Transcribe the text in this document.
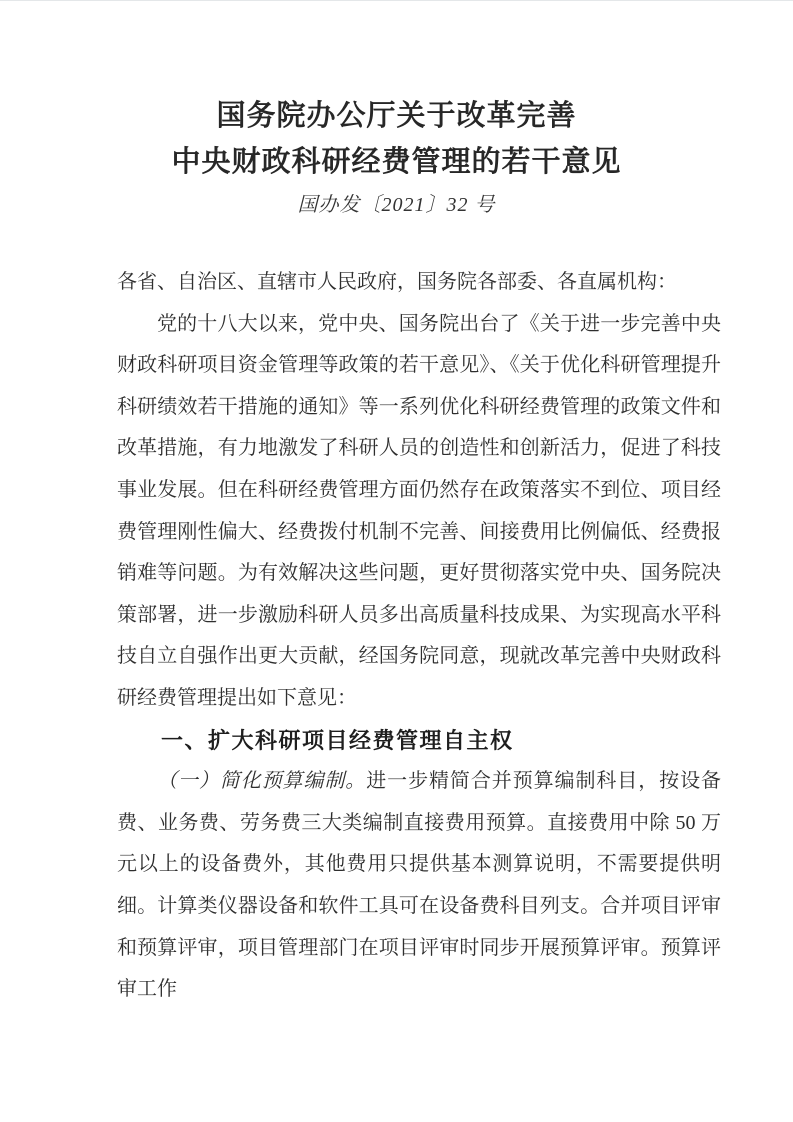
国务院办公厅关于改革完善
中央财政科研经费管理的若干意见
国办发〔2021〕32 号

各省、自治区、直辖市人民政府，国务院各部委、各直属机构：

党的十八大以来，党中央、国务院出台了《关于进一步完善中央财政科研项目资金管理等政策的若干意见》、《关于优化科研管理提升科研绩效若干措施的通知》等一系列优化科研经费管理的政策文件和改革措施，有力地激发了科研人员的创造性和创新活力，促进了科技事业发展。但在科研经费管理方面仍然存在政策落实不到位、项目经费管理刚性偏大、经费拨付机制不完善、间接费用比例偏低、经费报销难等问题。为有效解决这些问题，更好贯彻落实党中央、国务院决策部署，进一步激励科研人员多出高质量科技成果、为实现高水平科技自立自强作出更大贡献，经国务院同意，现就改革完善中央财政科研经费管理提出如下意见：

一、扩大科研项目经费管理自主权

（一）简化预算编制。进一步精简合并预算编制科目，按设备费、业务费、劳务费三大类编制直接费用预算。直接费用中除 50 万元以上的设备费外，其他费用只提供基本测算说明，不需要提供明细。计算类仪器设备和软件工具可在设备费科目列支。合并项目评审和预算评审，项目管理部门在项目评审时同步开展预算评审。预算评审工作
